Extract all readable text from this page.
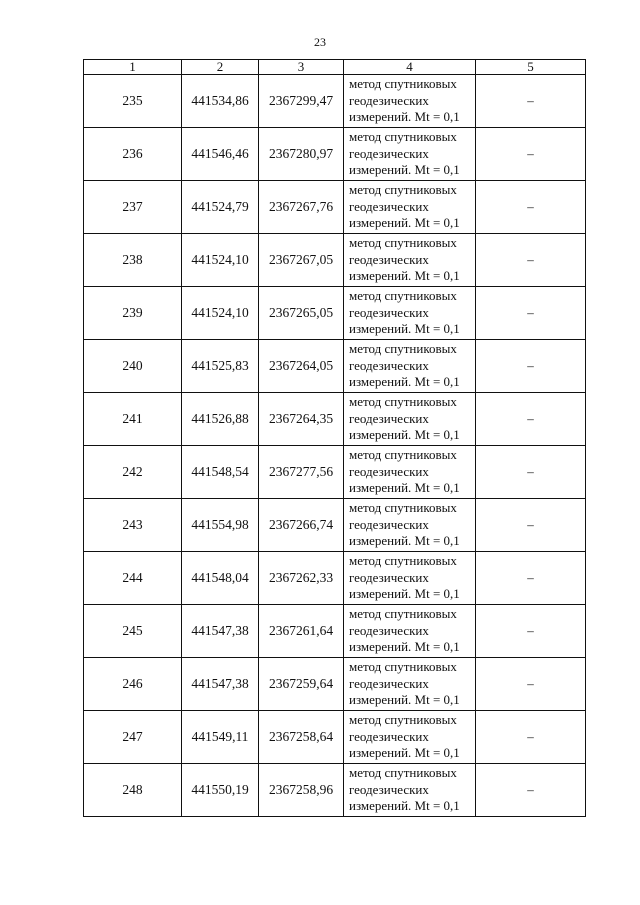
23
1	2	3	4	5
235	441534,86	2367299,47	метод спутниковых
геодезических
измерений. Mt = 0,1	–
236	441546,46	2367280,97	метод спутниковых
геодезических
измерений. Mt = 0,1	–
237	441524,79	2367267,76	метод спутниковых
геодезических
измерений. Mt = 0,1	–
238	441524,10	2367267,05	метод спутниковых
геодезических
измерений. Mt = 0,1	–
239	441524,10	2367265,05	метод спутниковых
геодезических
измерений. Mt = 0,1	–
240	441525,83	2367264,05	метод спутниковых
геодезических
измерений. Mt = 0,1	–
241	441526,88	2367264,35	метод спутниковых
геодезических
измерений. Mt = 0,1	–
242	441548,54	2367277,56	метод спутниковых
геодезических
измерений. Mt = 0,1	–
243	441554,98	2367266,74	метод спутниковых
геодезических
измерений. Mt = 0,1	–
244	441548,04	2367262,33	метод спутниковых
геодезических
измерений. Mt = 0,1	–
245	441547,38	2367261,64	метод спутниковых
геодезических
измерений. Mt = 0,1	–
246	441547,38	2367259,64	метод спутниковых
геодезических
измерений. Mt = 0,1	–
247	441549,11	2367258,64	метод спутниковых
геодезических
измерений. Mt = 0,1	–
248	441550,19	2367258,96	метод спутниковых
геодезических
измерений. Mt = 0,1	–
